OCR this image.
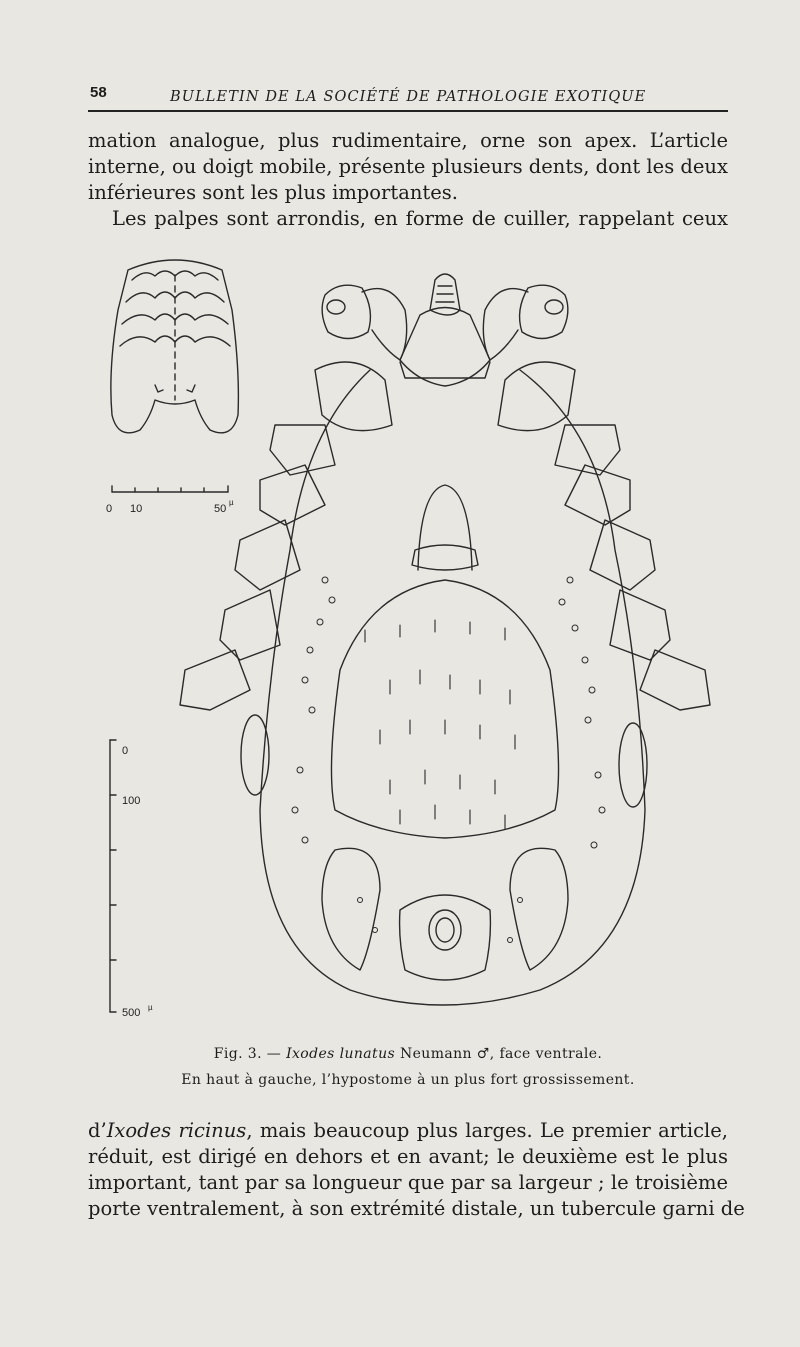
58	BULLETIN DE LA SOCIÉTÉ DE PATHOLOGIE EXOTIQUE
mation analogue, plus rudimentaire, orne son apex. L’article
interne, ou doigt mobile, présente plusieurs dents, dont les deux
inférieures sont les plus importantes.
Les palpes sont arrondis, en forme de cuiller, rappelant ceux
0 10	50
µ
0
100
500 µ
Fig. 3. — Ixodes lunatus Neumann ♂, face ventrale.
En haut à gauche, l’hypostome à un plus fort grossissement.
d’Ixodes ricinus, mais beaucoup plus larges. Le premier article,
réduit, est dirigé en dehors et en avant; le deuxième est le plus
important, tant par sa longueur que par sa largeur ; le troisième
porte ventralement, à son extrémité distale, un tubercule garni de
